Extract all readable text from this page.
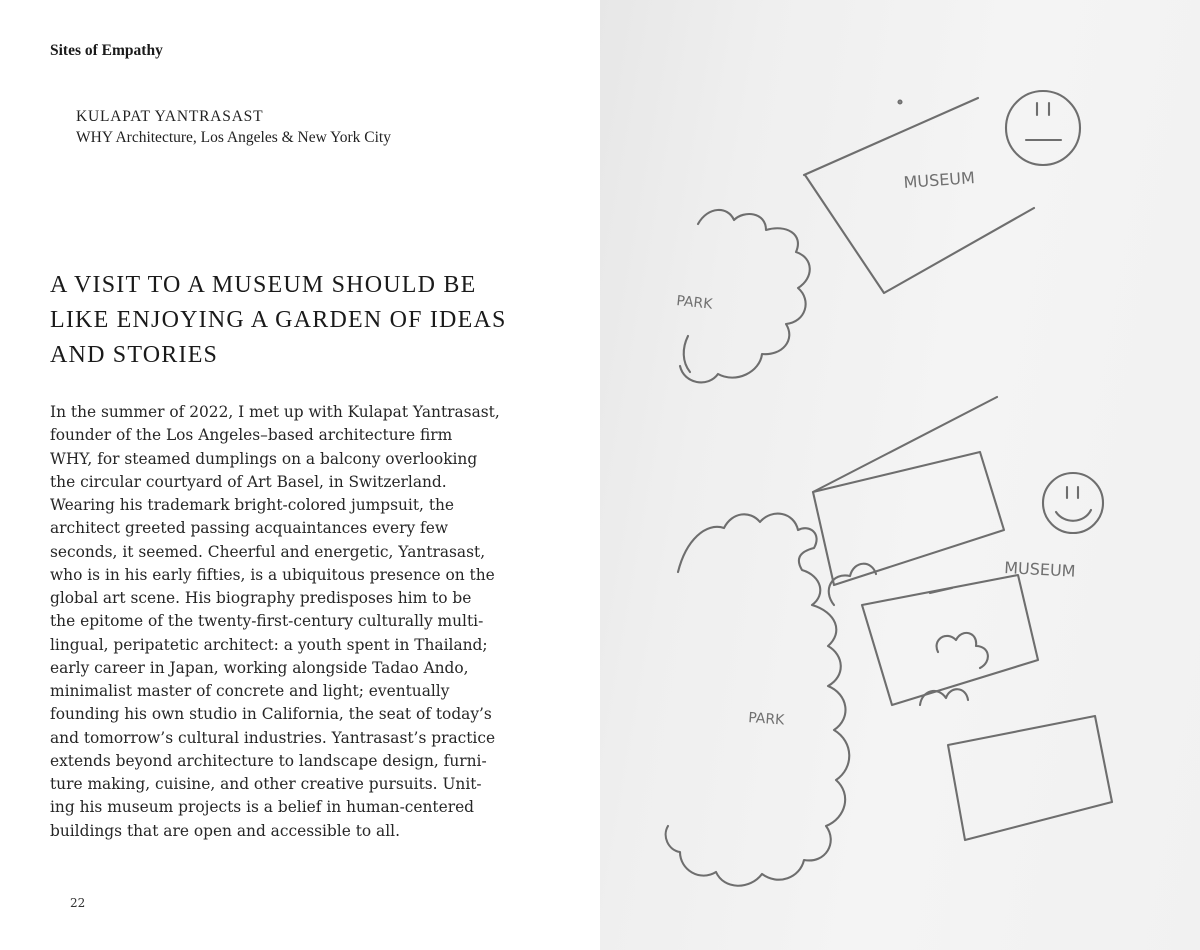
Sites of Empathy
KULAPAT YANTRASAST
WHY Architecture, Los Angeles & New York City
A VISIT TO A MUSEUM SHOULD BE
LIKE ENJOYING A GARDEN OF IDEAS
AND STORIES
In the summer of 2022, I met up with Kulapat Yantrasast,
founder of the Los Angeles–based architecture firm
WHY, for steamed dumplings on a balcony overlooking
the circular courtyard of Art Basel, in Switzerland.
Wearing his trademark bright-colored jumpsuit, the
architect greeted passing acquaintances every few
seconds, it seemed. Cheerful and energetic, Yantrasast,
who is in his early fifties, is a ubiquitous presence on the
global art scene. His biography predisposes him to be
the epitome of the twenty-first-century culturally multi-
lingual, peripatetic architect: a youth spent in Thailand;
early career in Japan, working alongside Tadao Ando,
minimalist master of concrete and light; eventually
founding his own studio in California, the seat of today’s
and tomorrow’s cultural industries. Yantrasast’s practice
extends beyond architecture to landscape design, furni-
ture making, cuisine, and other creative pursuits. Unit-
ing his museum projects is a belief in human-centered
buildings that are open and accessible to all.
22
MUSEUM
PARK
MUSEUM
PARK
